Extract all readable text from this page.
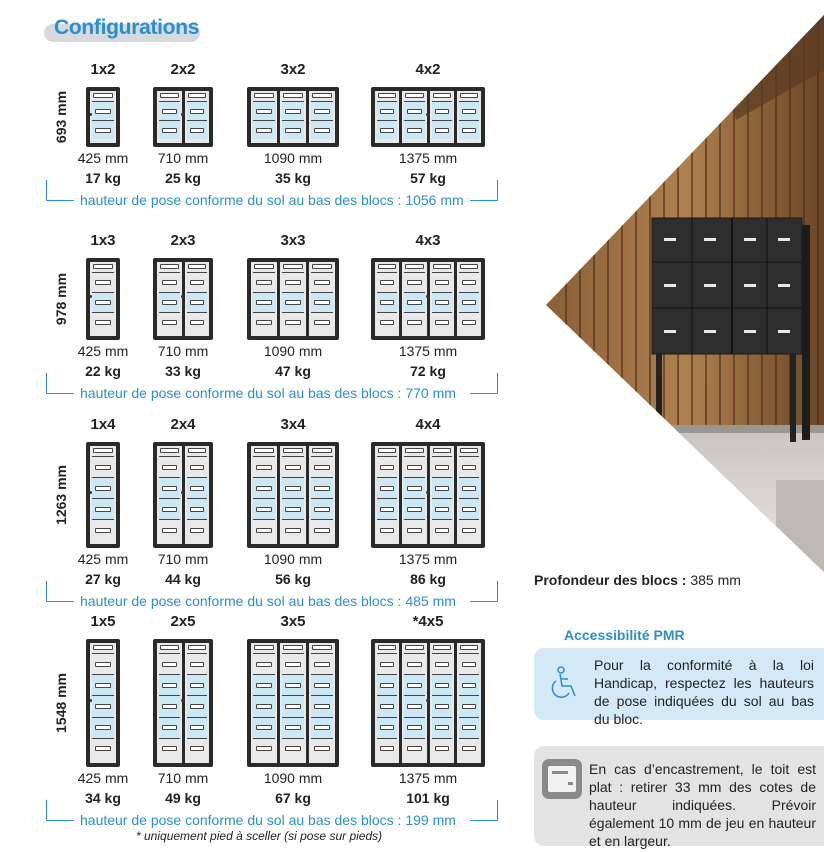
Configurations
693 mm
1x2
425 mm
17 kg
2x2
710 mm
25 kg
3x2
1090 mm
35 kg
4x2
1375 mm
57 kg
hauteur de pose conforme du sol au bas des blocs : 1056 mm
978 mm
1x3
425 mm
22 kg
2x3
710 mm
33 kg
3x3
1090 mm
47 kg
4x3
1375 mm
72 kg
hauteur de pose conforme du sol au bas des blocs : 770 mm
1263 mm
1x4
425 mm
27 kg
2x4
710 mm
44 kg
3x4
1090 mm
56 kg
4x4
1375 mm
86 kg
hauteur de pose conforme du sol au bas des blocs : 485 mm
1548 mm
1x5
425 mm
34 kg
2x5
710 mm
49 kg
3x5
1090 mm
67 kg
*4x5
1375 mm
101 kg
hauteur de pose conforme du sol au bas des blocs : 199 mm
Profondeur des blocs : 385 mm
Accessibilité PMR
Pour la conformité à la loi Handicap, respectez les hauteurs de pose indiquées du sol au bas du bloc.
En cas d’encastrement, le toit est plat : retirer 33 mm des cotes de hauteur indiquées. Prévoir également 10 mm de jeu en hauteur et en largeur.
* uniquement pied à sceller (si pose sur pieds)
